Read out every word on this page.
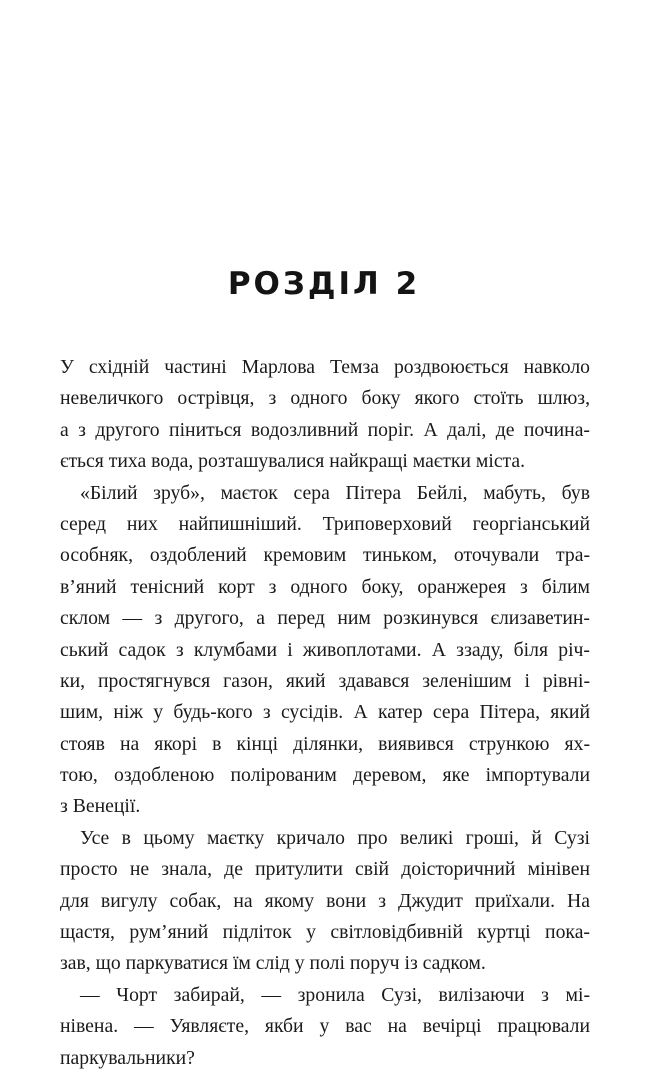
РОЗДІЛ 2
У східній частині Марлова Темза роздвоюється навколо
невеличкого острівця, з одного боку якого стоїть шлюз,
а з другого піниться водозливний поріг. А далі, де почина-
ється тиха вода, розташувалися найкращі маєтки міста.
«Білий зруб», маєток сера Пітера Бейлі, мабуть, був
серед них найпишніший. Триповерховий георгіанський
особняк, оздоблений кремовим тиньком, оточували тра-
в’яний тенісний корт з одного боку, оранжерея з білим
склом — з другого, а перед ним розкинувся єлизаветин-
ський садок з клумбами і живоплотами. А ззаду, біля річ-
ки, простягнувся газон, який здавався зеленішим і рівні-
шим, ніж у будь-кого з сусідів. А катер сера Пітера, який
стояв на якорі в кінці ділянки, виявився стрункою ях-
тою, оздобленою полірованим деревом, яке імпортували
з Венеції.
Усе в цьому маєтку кричало про великі гроші, й Сузі
просто не знала, де притулити свій доісторичний мінівен
для вигулу собак, на якому вони з Джудит приїхали. На
щастя, рум’яний підліток у світловідбивній куртці пока-
зав, що паркуватися їм слід у полі поруч із садком.
— Чорт забирай, — зронила Сузі, вилізаючи з мі-
нівена. — Уявляєте, якби у вас на вечірці працювали
паркувальники?
